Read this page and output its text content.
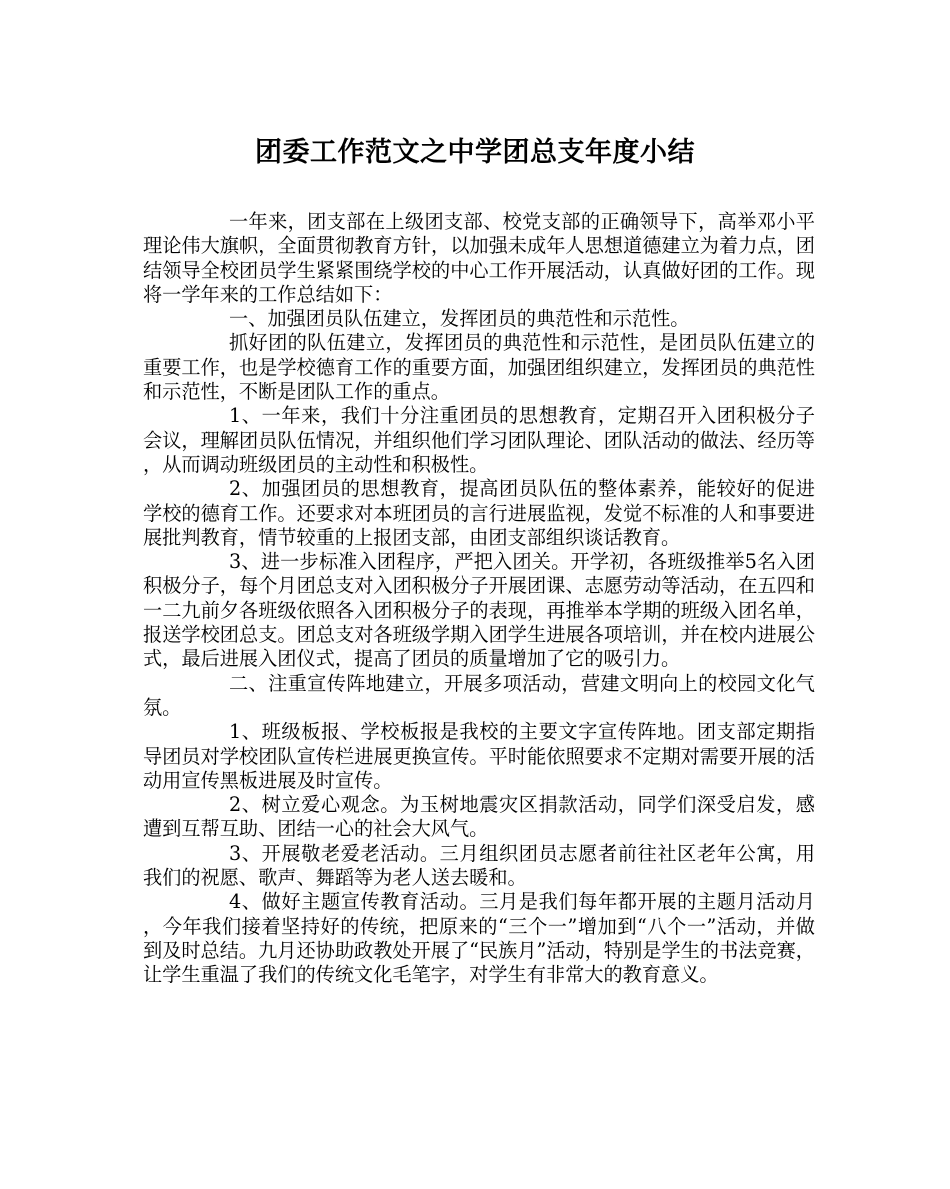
团委工作范文之中学团总支年度小结

一年来，团支部在上级团支部、校党支部的正确领导下，高举邓小平理论伟大旗帜，全面贯彻教育方针，以加强未成年人思想道德建立为着力点，团结领导全校团员学生紧紧围绕学校的中心工作开展活动，认真做好团的工作。现将一学年来的工作总结如下：

一、加强团员队伍建立，发挥团员的典范性和示范性。

抓好团的队伍建立，发挥团员的典范性和示范性，是团员队伍建立的重要工作，也是学校德育工作的重要方面，加强团组织建立，发挥团员的典范性和示范性，不断是团队工作的重点。

1、一年来，我们十分注重团员的思想教育，定期召开入团积极分子会议，理解团员队伍情况，并组织他们学习团队理论、团队活动的做法、经历等，从而调动班级团员的主动性和积极性。

2、加强团员的思想教育，提高团员队伍的整体素养，能较好的促进学校的德育工作。还要求对本班团员的言行进展监视，发觉不标准的人和事要进展批判教育，情节较重的上报团支部，由团支部组织谈话教育。

3、进一步标准入团程序，严把入团关。开学初，各班级推举5名入团积极分子，每个月团总支对入团积极分子开展团课、志愿劳动等活动，在五四和一二九前夕各班级依照各入团积极分子的表现，再推举本学期的班级入团名单，报送学校团总支。团总支对各班级学期入团学生进展各项培训，并在校内进展公式，最后进展入团仪式，提高了团员的质量增加了它的吸引力。

二、注重宣传阵地建立，开展多项活动，营建文明向上的校园文化气氛。

1、班级板报、学校板报是我校的主要文字宣传阵地。团支部定期指导团员对学校团队宣传栏进展更换宣传。平时能依照要求不定期对需要开展的活动用宣传黑板进展及时宣传。

2、树立爱心观念。为玉树地震灾区捐款活动，同学们深受启发，感遭到互帮互助、团结一心的社会大风气。

3、开展敬老爱老活动。三月组织团员志愿者前往社区老年公寓，用我们的祝愿、歌声、舞蹈等为老人送去暖和。

4、做好主题宣传教育活动。三月是我们每年都开展的主题月活动月，今年我们接着坚持好的传统，把原来的“三个一”增加到“八个一”活动，并做到及时总结。九月还协助政教处开展了“民族月”活动，特别是学生的书法竞赛，让学生重温了我们的传统文化毛笔字，对学生有非常大的教育意义。
